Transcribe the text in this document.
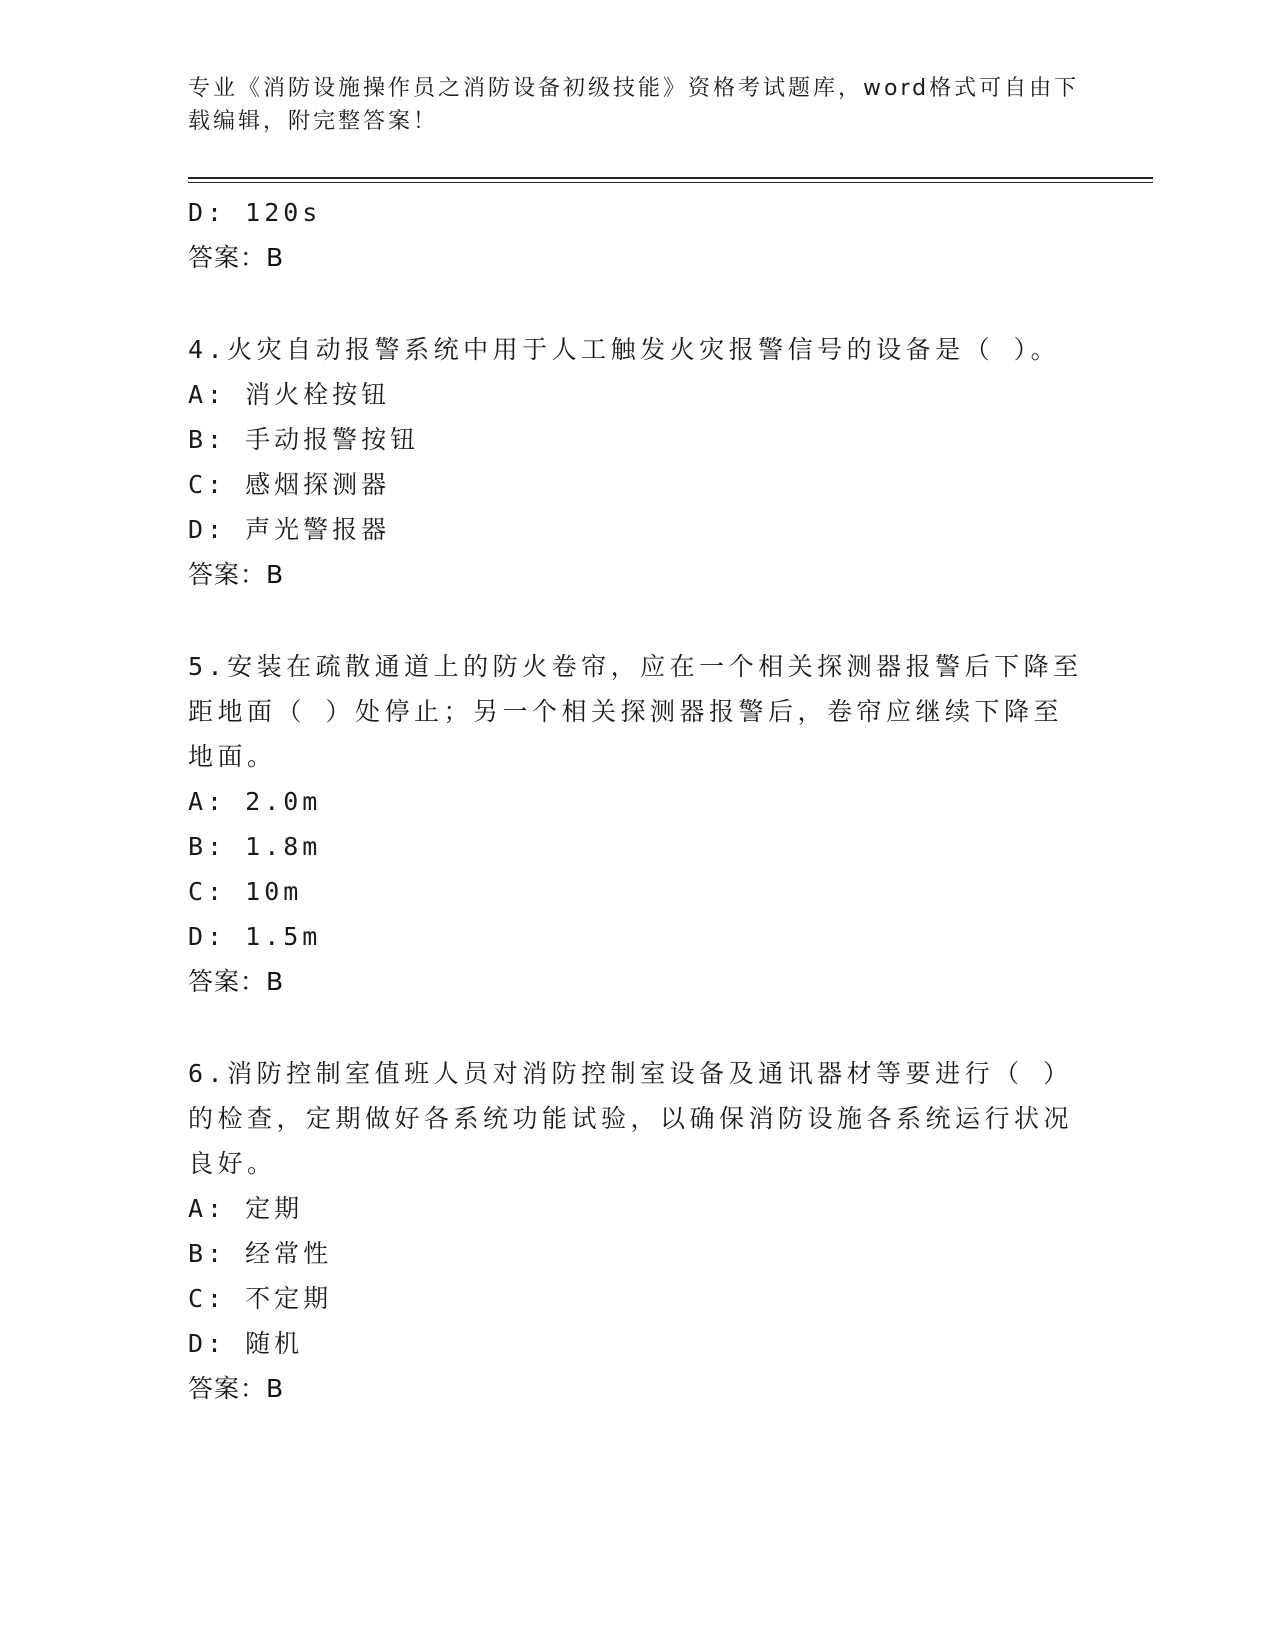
专业《消防设施操作员之消防设备初级技能》资格考试题库，word格式可自由下
载编辑，附完整答案！
D: 120s
答案：B
4.火灾自动报警系统中用于人工触发火灾报警信号的设备是（ ）。
A: 消火栓按钮
B: 手动报警按钮
C: 感烟探测器
D: 声光警报器
答案：B
5.安装在疏散通道上的防火卷帘，应在一个相关探测器报警后下降至
距地面（ ）处停止；另一个相关探测器报警后，卷帘应继续下降至
地面。
A: 2.0m
B: 1.8m
C: 10m
D: 1.5m
答案：B
6.消防控制室值班人员对消防控制室设备及通讯器材等要进行（ ）
的检查，定期做好各系统功能试验，以确保消防设施各系统运行状况
良好。
A: 定期
B: 经常性
C: 不定期
D: 随机
答案：B
